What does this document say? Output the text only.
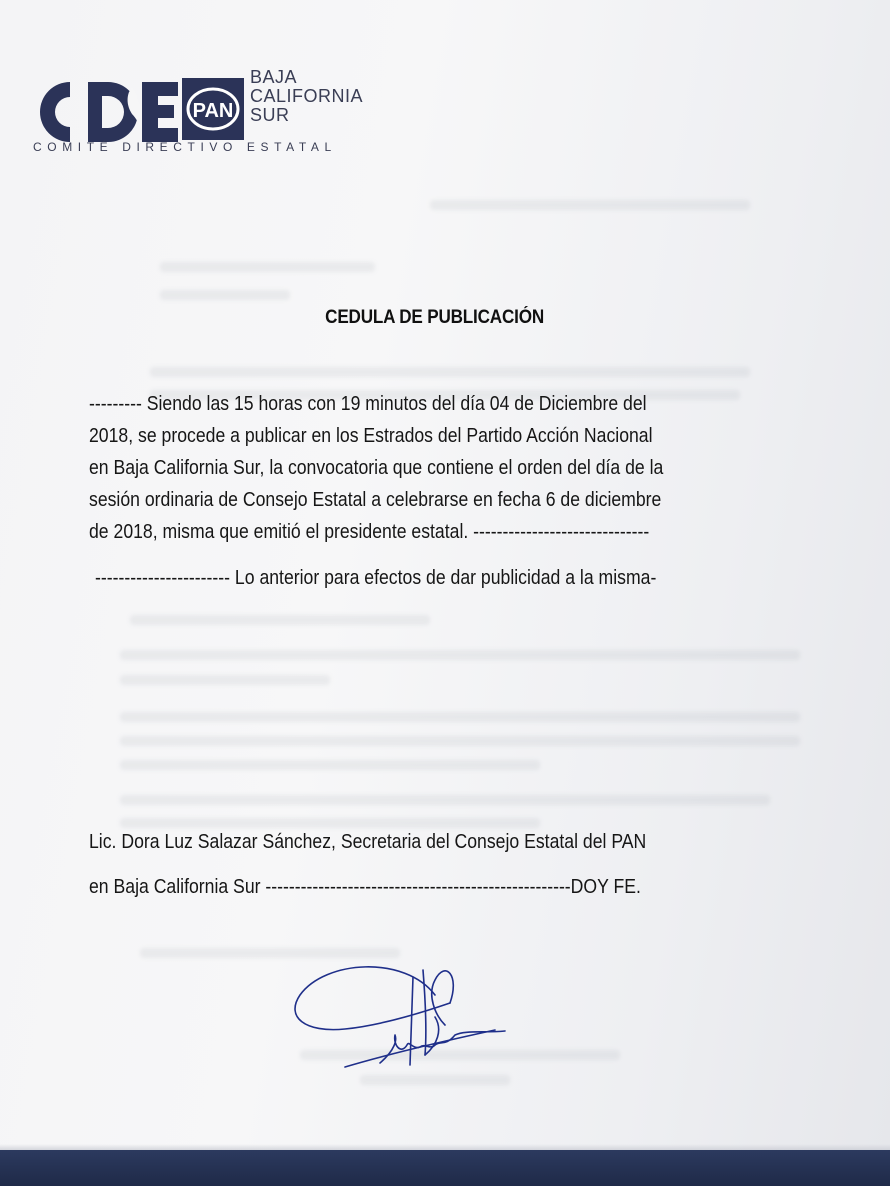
PAN
BAJA
CALIFORNIA
SUR
COMITÉ DIRECTIVO ESTATAL
CEDULA DE PUBLICACIÓN
--------- Siendo las 15 horas con 19 minutos del día 04 de Diciembre del
2018, se procede a publicar en los Estrados del Partido Acción Nacional
en Baja California Sur, la convocatoria que contiene el orden del día de la
sesión ordinaria de Consejo Estatal a celebrarse en fecha 6 de diciembre
de 2018, misma que emitió el presidente estatal. ------------------------------
----------------------- Lo anterior para efectos de dar publicidad a la misma-
Lic. Dora Luz Salazar Sánchez, Secretaria del Consejo Estatal del PAN
en Baja California Sur ----------------------------------------------------DOY FE.
